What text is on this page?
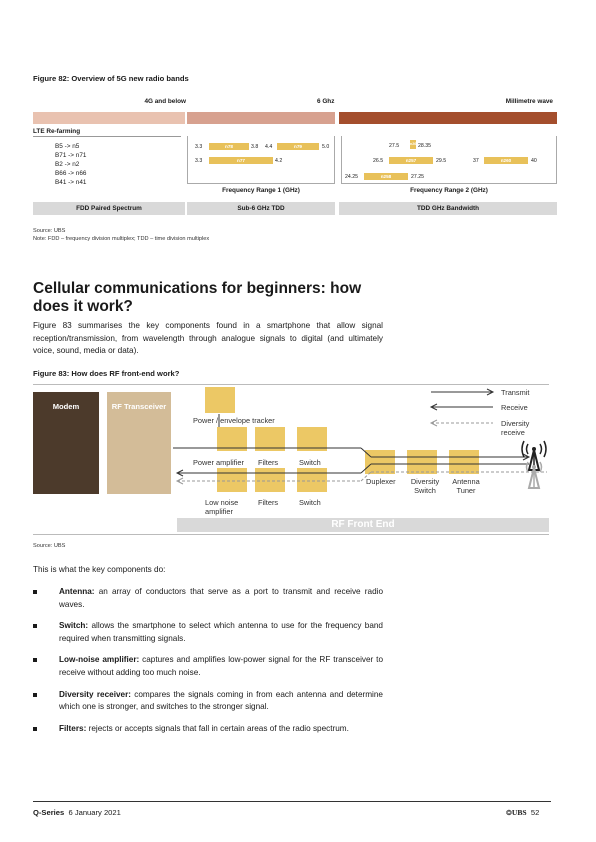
Figure 82: Overview of 5G new radio bands
4G and below	6 Ghz	Millimetre wave
LTE Re-farming
B5 -> n5
B71 -> n71
B2 -> n2
B66 -> n66
B41 -> n41
3.3	n78	3.8 4.4	n79	5.0
3.3	n77	4.2
Frequency Range 1 (GHz)
27.5	n261 28.35
26.5	n257	29.5	37	n260	40
24.25	n258	27.25
Frequency Range 2 (GHz)
FDD Paired Spectrum	Sub-6 GHz TDD	TDD GHz Bandwidth
Source: UBS
Note: FDD – frequency division multiplex; TDD – time division multiplex
Cellular communications for beginners: how does it work?
Figure 83 summarises the key components found in a smartphone that allow signal reception/transmission, from wavelength through analogue signals to digital (and ultimately voice, sound, media or data).
Figure 83: How does RF front-end work?
Modem	RF Transceiver
Power / envelope tracker
Power amplifier Filters	Switch
Duplexer	Diversity Switch
Antenna Tuner
Low noise amplifier
Filters	Switch
Transmit
Receive
Diversity receive
RF Front End
Source: UBS
This is what the key components do:
Antenna: an array of conductors that serve as a port to transmit and receive radio waves.
Switch: allows the smartphone to select which antenna to use for the frequency band required when transmitting signals.
Low-noise amplifier: captures and amplifies low-power signal for the RF transceiver to receive without adding too much noise.
Diversity receiver: compares the signals coming in from each antenna and determine which one is stronger, and switches to the stronger signal.
Filters: rejects or accepts signals that fall in certain areas of the radio spectrum.
Q-Series 6 January 2021	❂UBS 52
